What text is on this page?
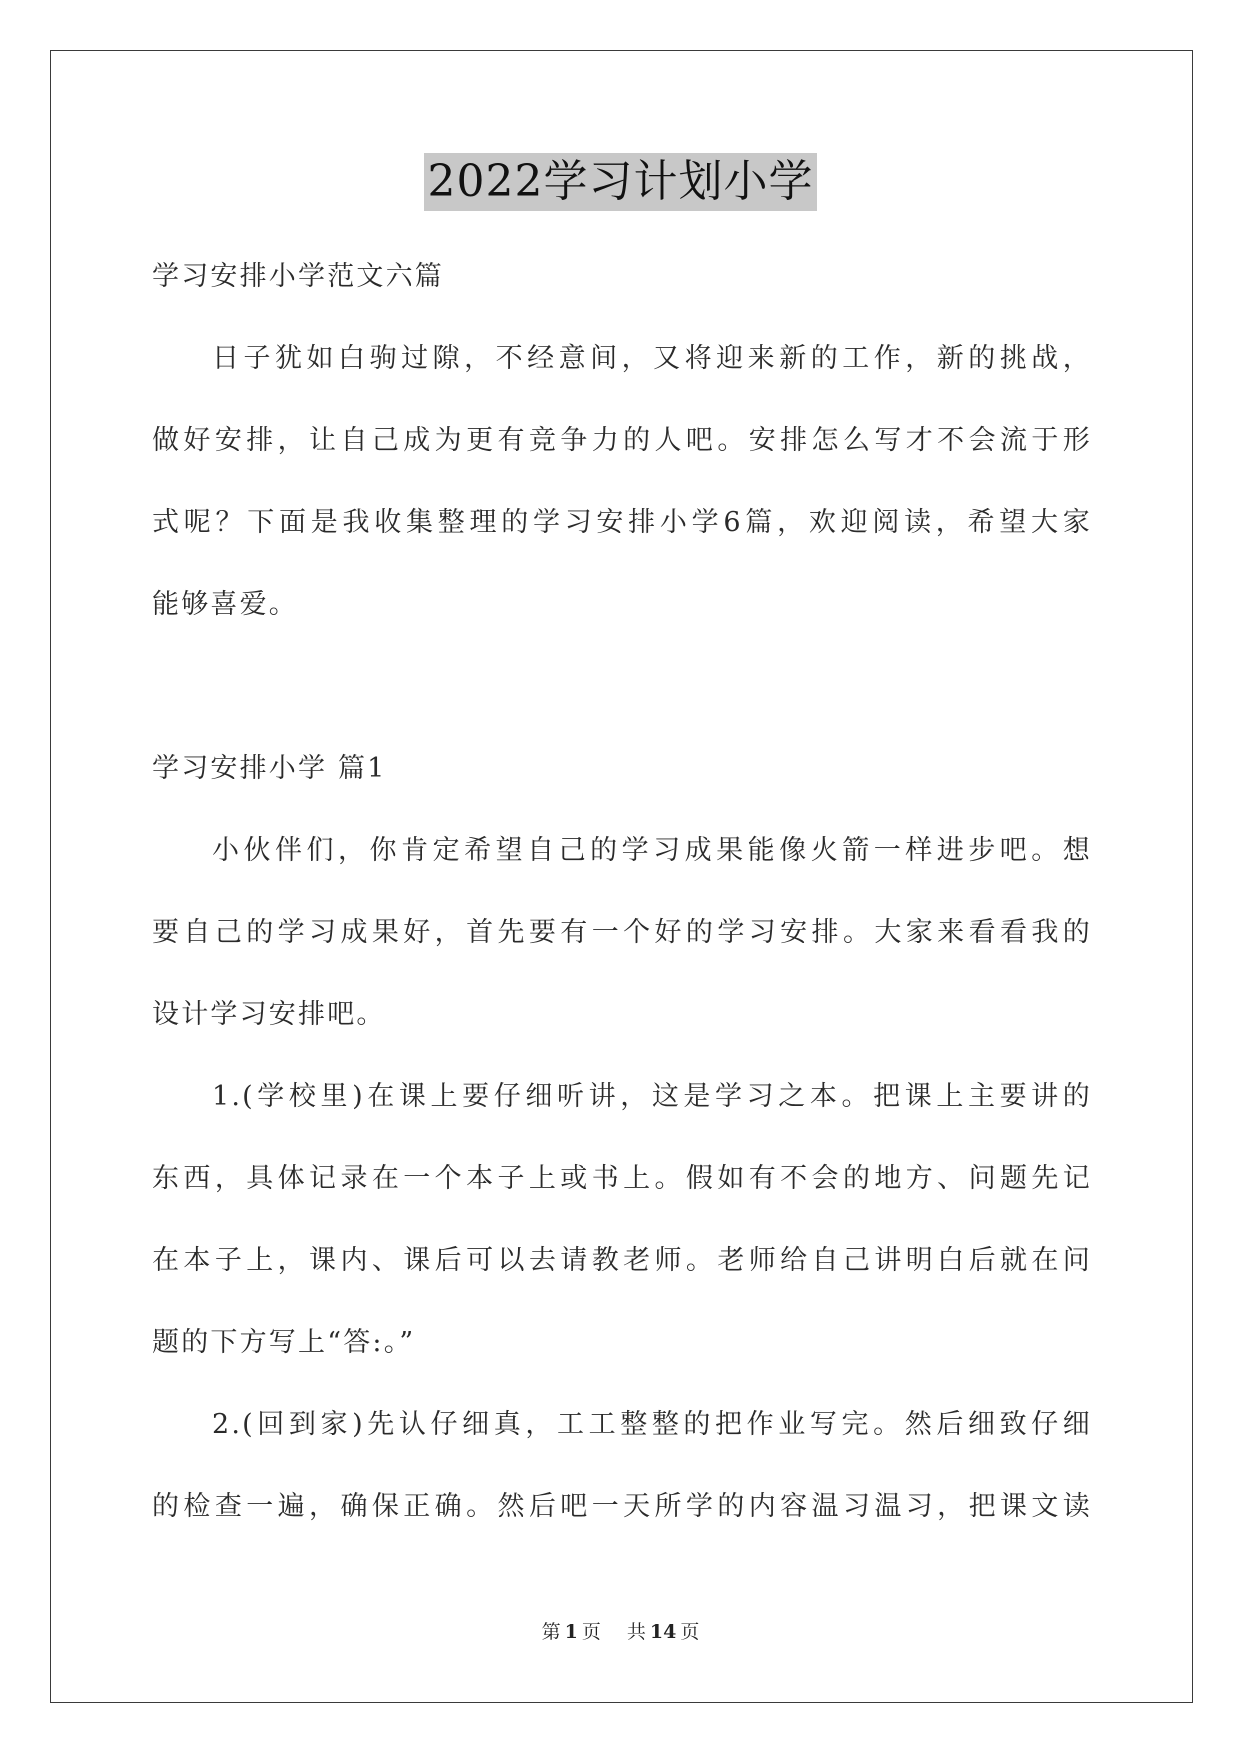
2022学习计划小学
学习安排小学范文六篇
日子犹如白驹过隙，不经意间，又将迎来新的工作，新的挑战，
做好安排，让自己成为更有竞争力的人吧。安排怎么写才不会流于形
式呢？下面是我收集整理的学习安排小学6篇，欢迎阅读，希望大家
能够喜爱。
学习安排小学 篇1
小伙伴们，你肯定希望自己的学习成果能像火箭一样进步吧。想
要自己的学习成果好，首先要有一个好的学习安排。大家来看看我的
设计学习安排吧。
1.(学校里)在课上要仔细听讲，这是学习之本。把课上主要讲的
东西，具体记录在一个本子上或书上。假如有不会的地方、问题先记
在本子上，课内、课后可以去请教老师。老师给自己讲明白后就在问
题的下方写上“答:。”
2.(回到家)先认仔细真，工工整整的把作业写完。然后细致仔细
的检查一遍，确保正确。然后吧一天所学的内容温习温习，把课文读
第 1 页 共 14 页
